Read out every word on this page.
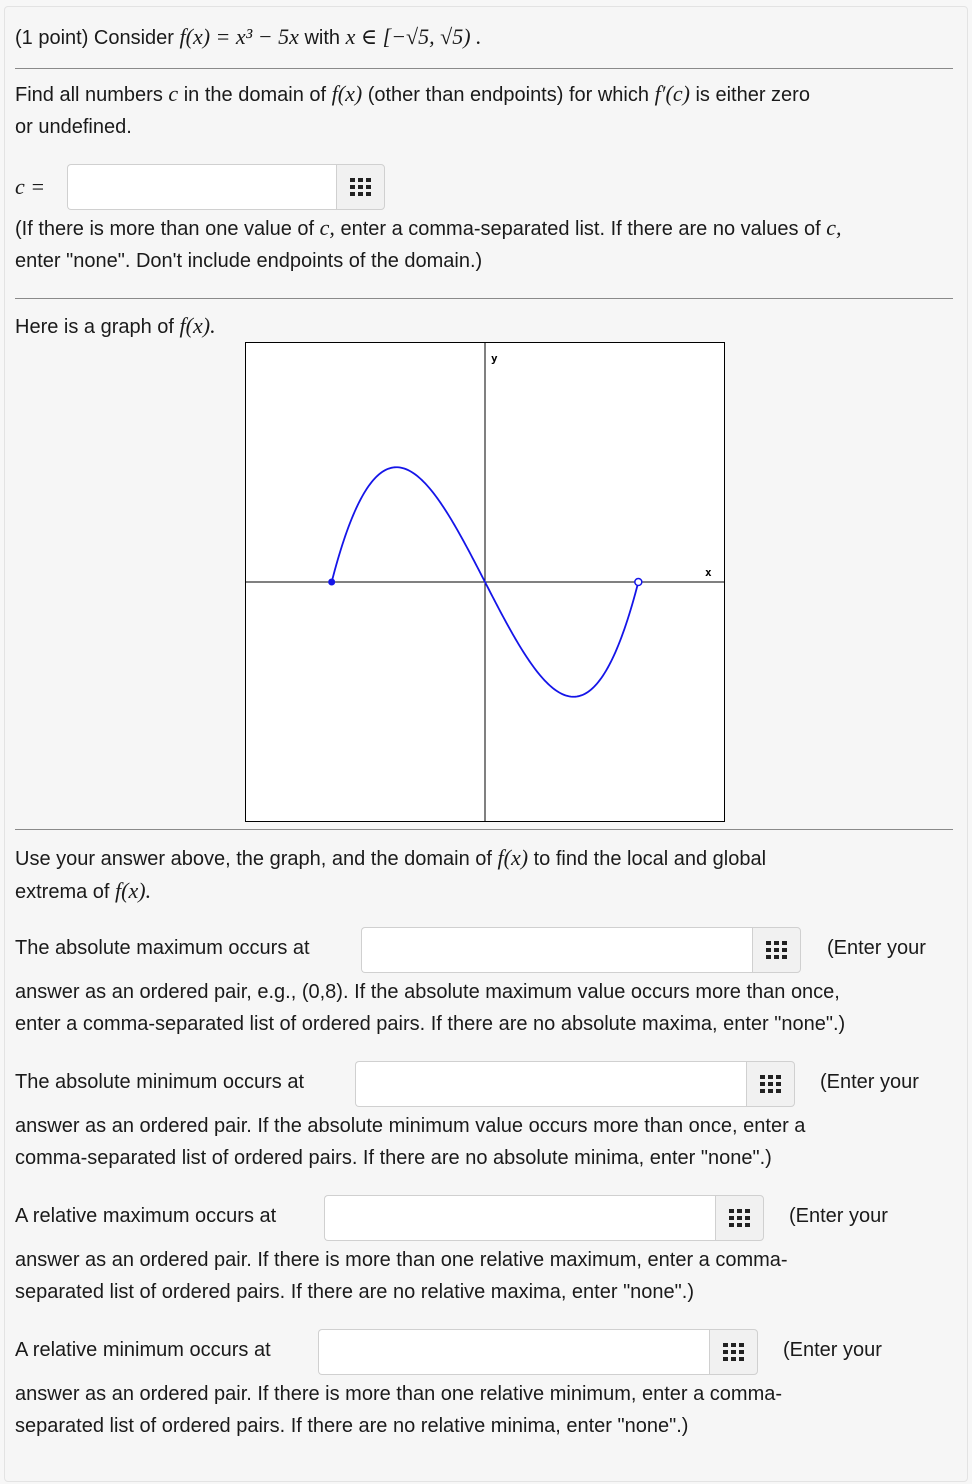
(1 point) Consider f(x) = x³ − 5x with x ∈ [−√5, √5) .
Find all numbers c in the domain of f(x) (other than endpoints) for which f′(c) is either zero
or undefined.
c =
(If there is more than one value of c, enter a comma-separated list. If there are no values of c,
enter "none". Don't include endpoints of the domain.)
Here is a graph of f(x).
y
x
Use your answer above, the graph, and the domain of f(x) to find the local and global
extrema of f(x).
The absolute maximum occurs at	(Enter your
answer as an ordered pair, e.g., (0,8). If the absolute maximum value occurs more than once,
enter a comma-separated list of ordered pairs. If there are no absolute maxima, enter "none".)
The absolute minimum occurs at	(Enter your
answer as an ordered pair. If the absolute minimum value occurs more than once, enter a
comma-separated list of ordered pairs. If there are no absolute minima, enter "none".)
A relative maximum occurs at	(Enter your
answer as an ordered pair. If there is more than one relative maximum, enter a comma-
separated list of ordered pairs. If there are no relative maxima, enter "none".)
A relative minimum occurs at	(Enter your
answer as an ordered pair. If there is more than one relative minimum, enter a comma-
separated list of ordered pairs. If there are no relative minima, enter "none".)
